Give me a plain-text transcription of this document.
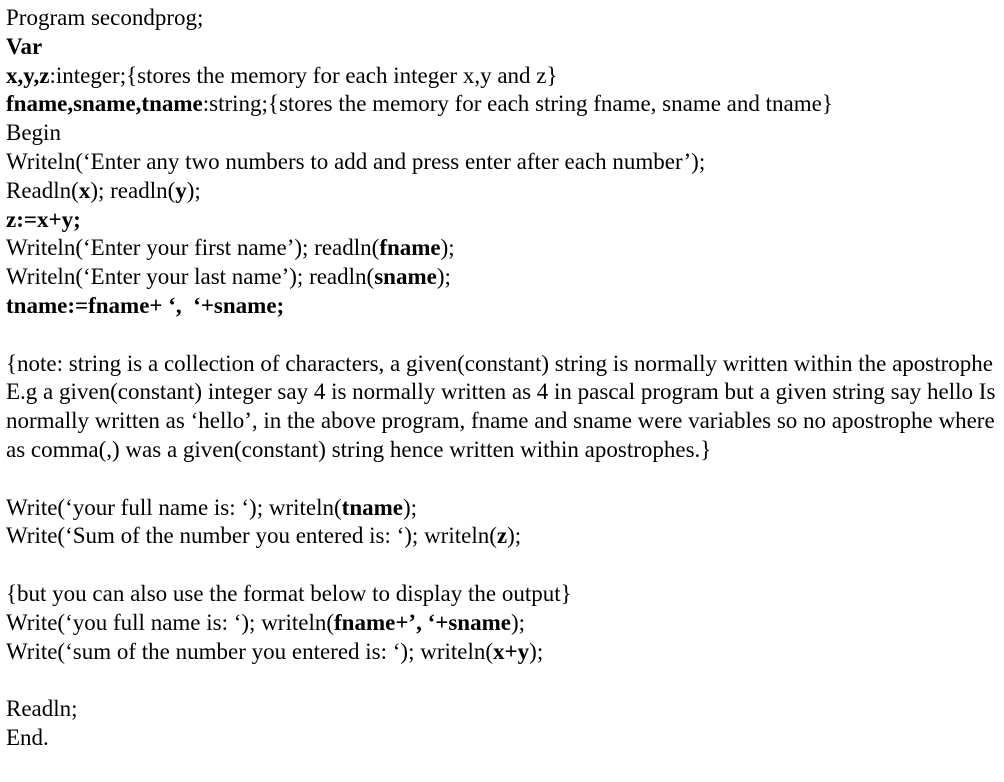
Program secondprog;
Var
x,y,z:integer;{stores the memory for each integer x,y and z}
fname,sname,tname:string;{stores the memory for each string fname, sname and tname}
Begin
Writeln(‘Enter any two numbers to add and press enter after each number’);
Readln(x); readln(y);
z:=x+y;
Writeln(‘Enter your first name’); readln(fname);
Writeln(‘Enter your last name’); readln(sname);
tname:=fname+ ‘,  ‘+sname;
{note: string is a collection of characters, a given(constant) string is normally written within the apostrophe E.g a given(constant) integer say 4 is normally written as 4 in pascal program but a given string say hello Is normally written as ‘hello’, in the above program, fname and sname were variables so no apostrophe where as comma(,) was a given(constant) string hence written within apostrophes.}
Write(‘your full name is: ‘); writeln(tname);
Write(‘Sum of the number you entered is: ‘); writeln(z);
{but you can also use the format below to display the output}
Write(‘you full name is: ‘); writeln(fname+’, ‘+sname);
Write(‘sum of the number you entered is: ‘); writeln(x+y);
Readln;
End.
